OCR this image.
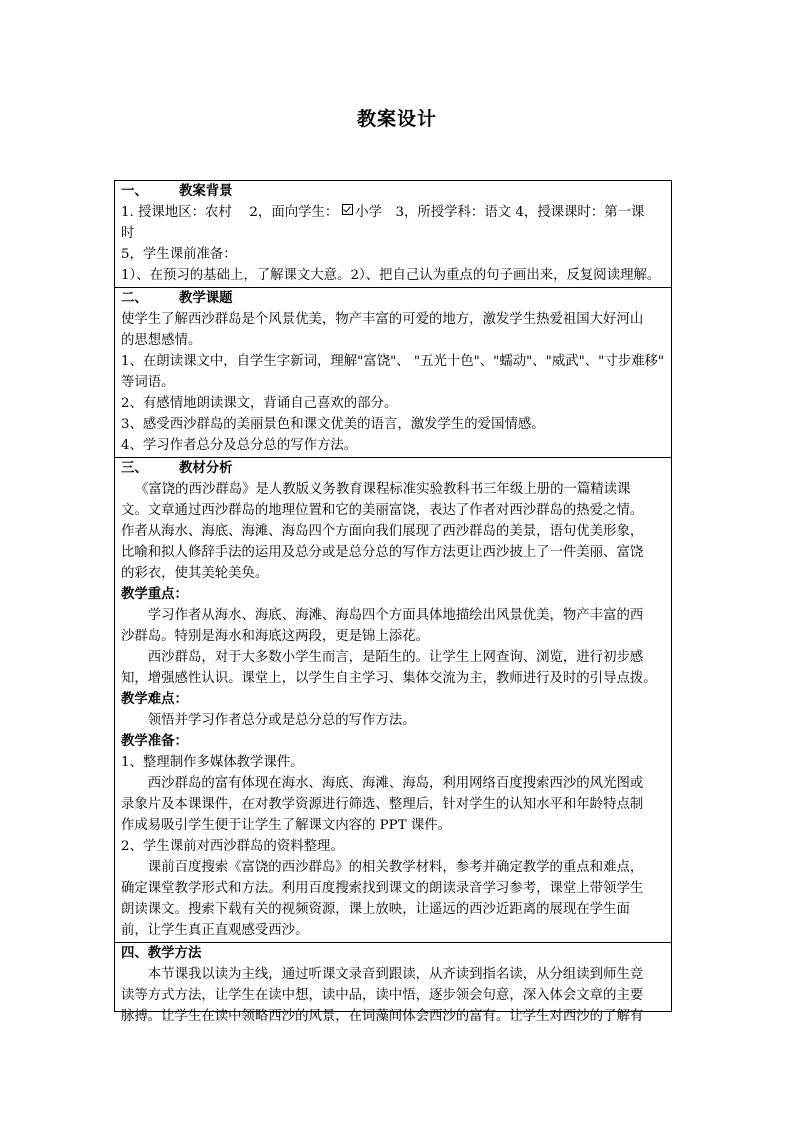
教案设计
一、 教案背景
1. 授课地区：农村　 2，面向学生： 小学　3，所授学科：语文 4，授课课时：第一课
时
5，学生课前准备：
1）、在预习的基础上，了解课文大意。2）、把自己认为重点的句子画出来，反复阅读理解。
二、 教学课题
使学生了解西沙群岛是个风景优美，物产丰富的可爱的地方，激发学生热爱祖国大好河山
的思想感情。
1、在朗读课文中，自学生字新词，理解"富饶"、 "五光十色"、"蠕动"、"威武"、"寸步难移"
等词语。
2、有感情地朗读课文，背诵自己喜欢的部分。
3、感受西沙群岛的美丽景色和课文优美的语言，激发学生的爱国情感。
4、学习作者总分及总分总的写作方法。
三、 教材分析
《富饶的西沙群岛》是人教版义务教育课程标准实验教科书三年级上册的一篇精读课
文。文章通过西沙群岛的地理位置和它的美丽富饶，表达了作者对西沙群岛的热爱之情。
作者从海水、海底、海滩、海岛四个方面向我们展现了西沙群岛的美景，语句优美形象，
比喻和拟人修辞手法的运用及总分或是总分总的写作方法更让西沙披上了一件美丽、富饶
的彩衣，使其美轮美奂。
教学重点：
学习作者从海水、海底、海滩、海岛四个方面具体地描绘出风景优美，物产丰富的西
沙群岛。特别是海水和海底这两段，更是锦上添花。
西沙群岛，对于大多数小学生而言，是陌生的。让学生上网查询、浏览，进行初步感
知，增强感性认识。课堂上，以学生自主学习、集体交流为主，教师进行及时的引导点拨。
教学难点：
领悟并学习作者总分或是总分总的写作方法。
教学准备：
1、整理制作多媒体教学课件。
西沙群岛的富有体现在海水、海底、海滩、海岛，利用网络百度搜索西沙的风光图或
录象片及本课课件，在对教学资源进行筛选、整理后，针对学生的认知水平和年龄特点制
作成易吸引学生便于让学生了解课文内容的 PPT 课件。
2、学生课前对西沙群岛的资料整理。
课前百度搜索《富饶的西沙群岛》的相关教学材料，参考并确定教学的重点和难点，
确定课堂教学形式和方法。利用百度搜索找到课文的朗读录音学习参考，课堂上带领学生
朗读课文。搜索下载有关的视频资源，课上放映，让遥远的西沙近距离的展现在学生面
前，让学生真正直观感受西沙。
四、教学方法
本节课我以读为主线，通过听课文录音到跟读，从齐读到指名读，从分组读到师生竞
读等方式方法，让学生在读中想，读中品，读中悟，逐步领会句意，深入体会文章的主要
脉搏。让学生在读中领略西沙的风景，在词藻间体会西沙的富有。让学生对西沙的了解有
